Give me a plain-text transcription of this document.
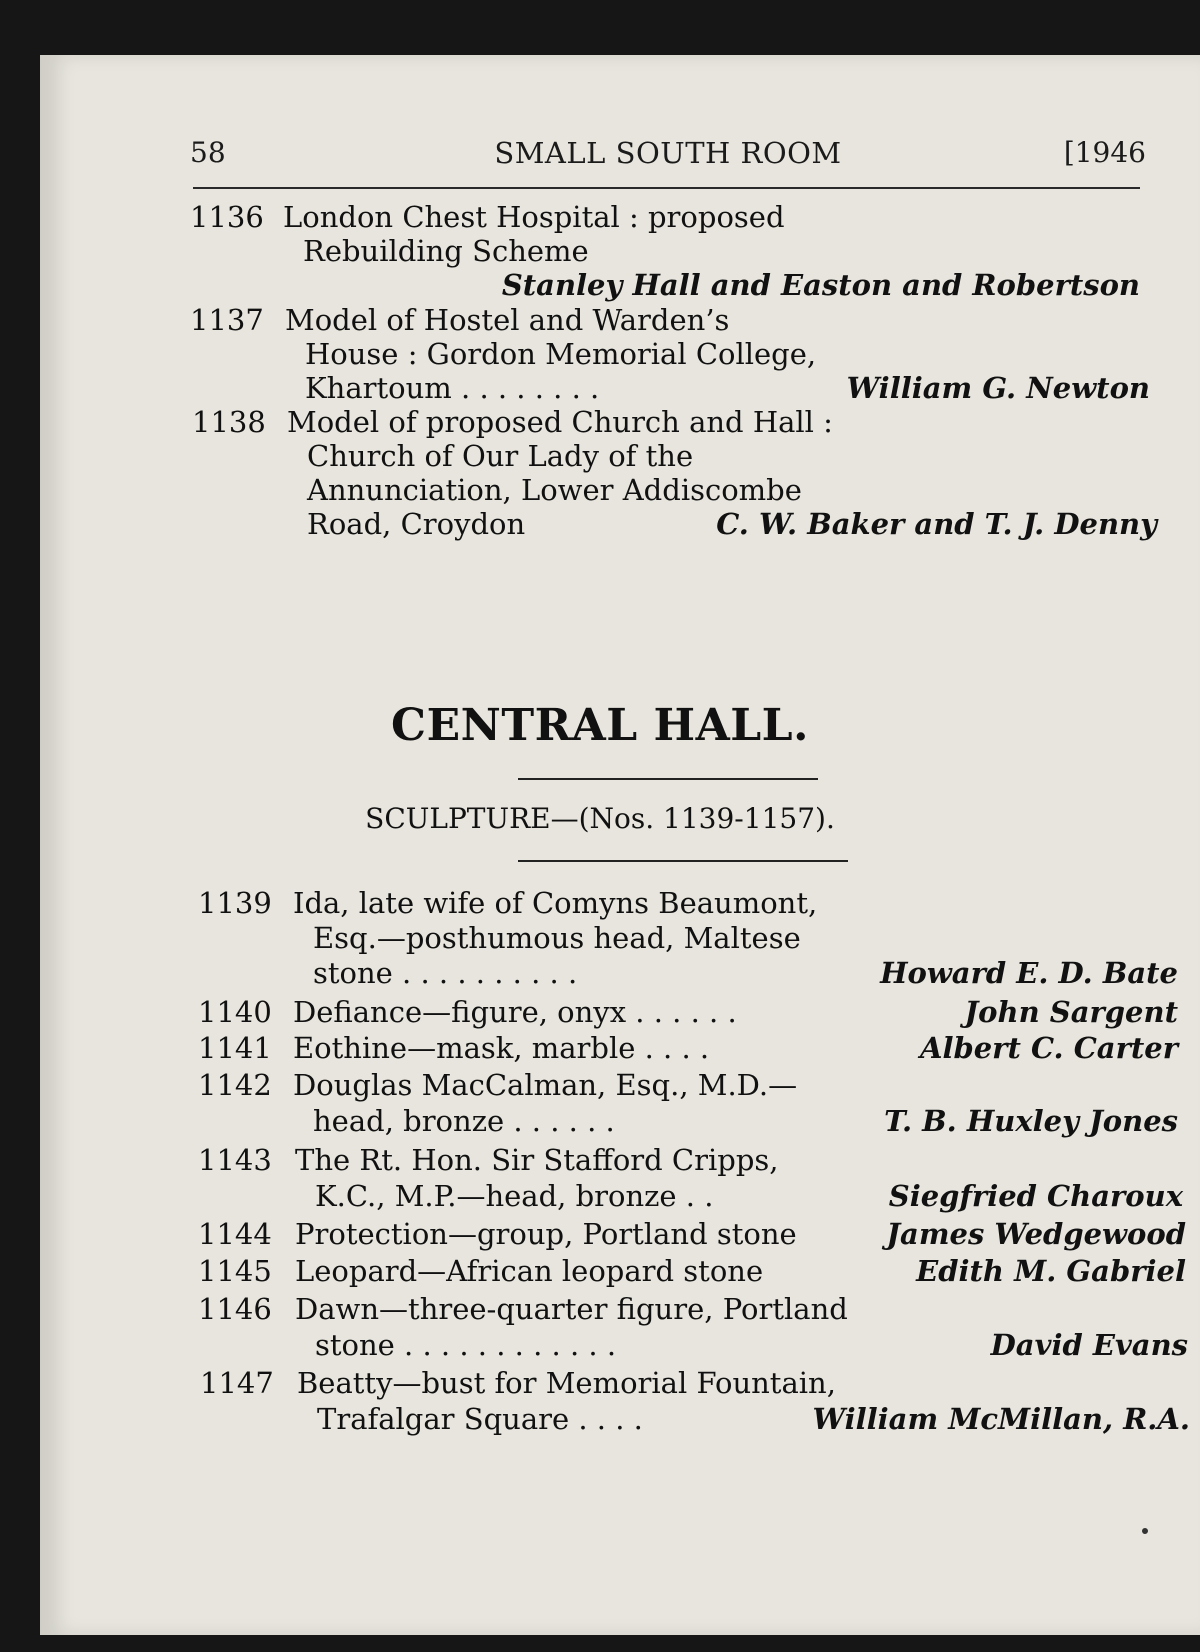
58	SMALL SOUTH ROOM	[1946
1136 London Chest Hospital : proposed
Rebuilding Scheme
Stanley Hall and Easton and Robertson
1137 Model of Hostel and Warden’s
House : Gordon Memorial College,
Khartoum . . . . . . . .	William G. Newton
1138 Model of proposed Church and Hall :
Church of Our Lady of the
Annunciation, Lower Addiscombe
Road, Croydon	C. W. Baker and T. J. Denny
CENTRAL HALL.
SCULPTURE—(Nos. 1139-1157).
1139 Ida, late wife of Comyns Beaumont,
Esq.—posthumous head, Maltese
stone . . . . . . . . . .	Howard E. D. Bate
1140 Defiance—figure, onyx . . . . . .	John Sargent
1141 Eothine—mask, marble . . . .	Albert C. Carter
1142 Douglas MacCalman, Esq., M.D.—
head, bronze . . . . . .	T. B. Huxley Jones
1143 The Rt. Hon. Sir Stafford Cripps,
K.C., M.P.—head, bronze . .	Siegfried Charoux
1144 Protection—group, Portland stone	James Wedgewood
1145 Leopard—African leopard stone	Edith M. Gabriel
1146 Dawn—three-quarter figure, Portland
stone . . . . . . . . . . . .	David Evans
1147 Beatty—bust for Memorial Fountain,
Trafalgar Square . . . .	William McMillan, R.A.
